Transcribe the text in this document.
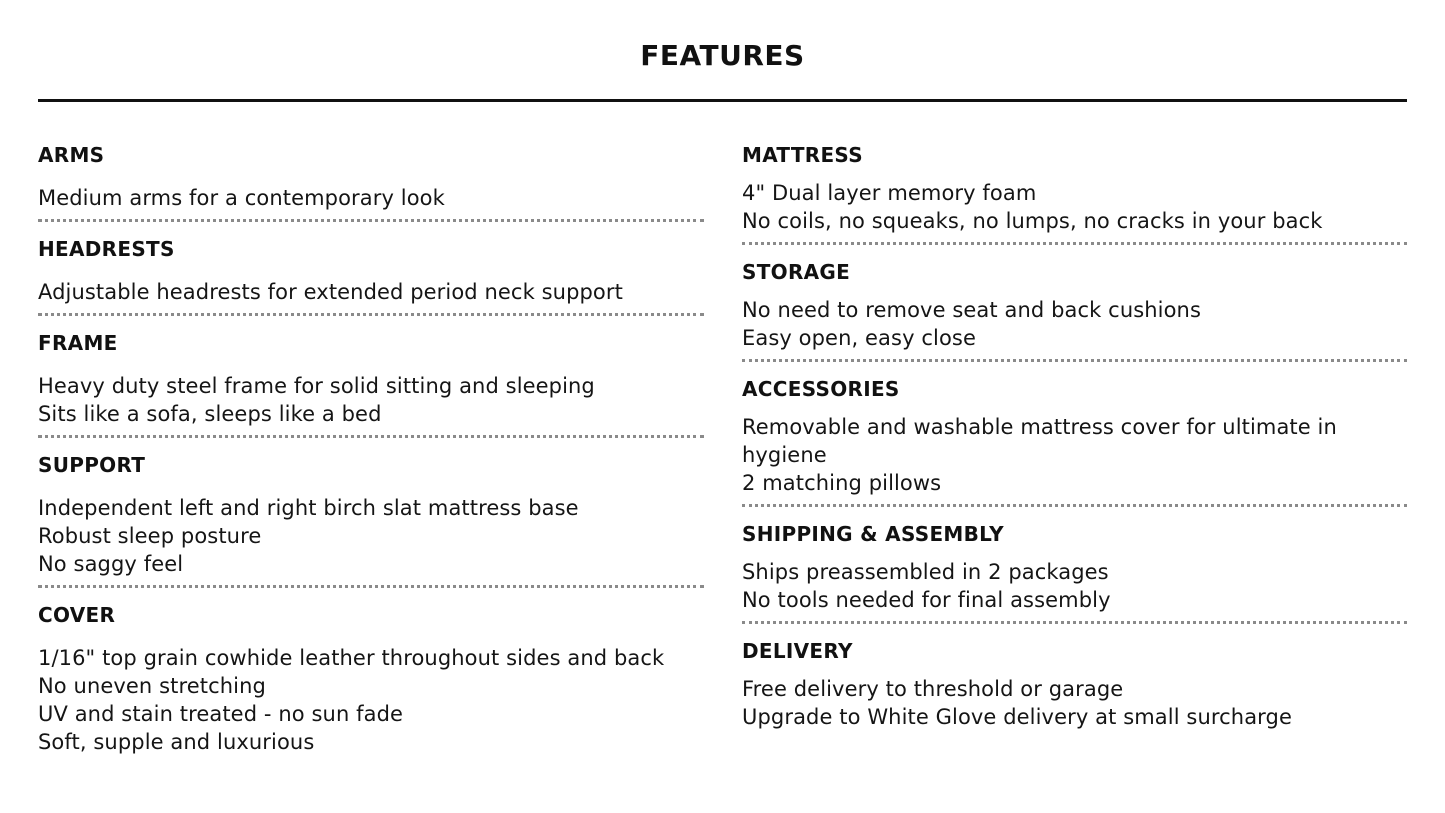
FEATURES
ARMS
Medium arms for a contemporary look
HEADRESTS
Adjustable headrests for extended period neck support
FRAME
Heavy duty steel frame for solid sitting and sleeping
Sits like a sofa, sleeps like a bed
SUPPORT
Independent left and right birch slat mattress base
Robust sleep posture
No saggy feel
COVER
1/16" top grain cowhide leather throughout sides and back
No uneven stretching
UV and stain treated - no sun fade
Soft, supple and luxurious
MATTRESS
4" Dual layer memory foam
No coils, no squeaks, no lumps, no cracks in your back
STORAGE
No need to remove seat and back cushions
Easy open, easy close
ACCESSORIES
Removable and washable mattress cover for ultimate in hygiene
2 matching pillows
SHIPPING & ASSEMBLY
Ships preassembled in 2 packages
No tools needed for final assembly
DELIVERY
Free delivery to threshold or garage
Upgrade to White Glove delivery at small surcharge
